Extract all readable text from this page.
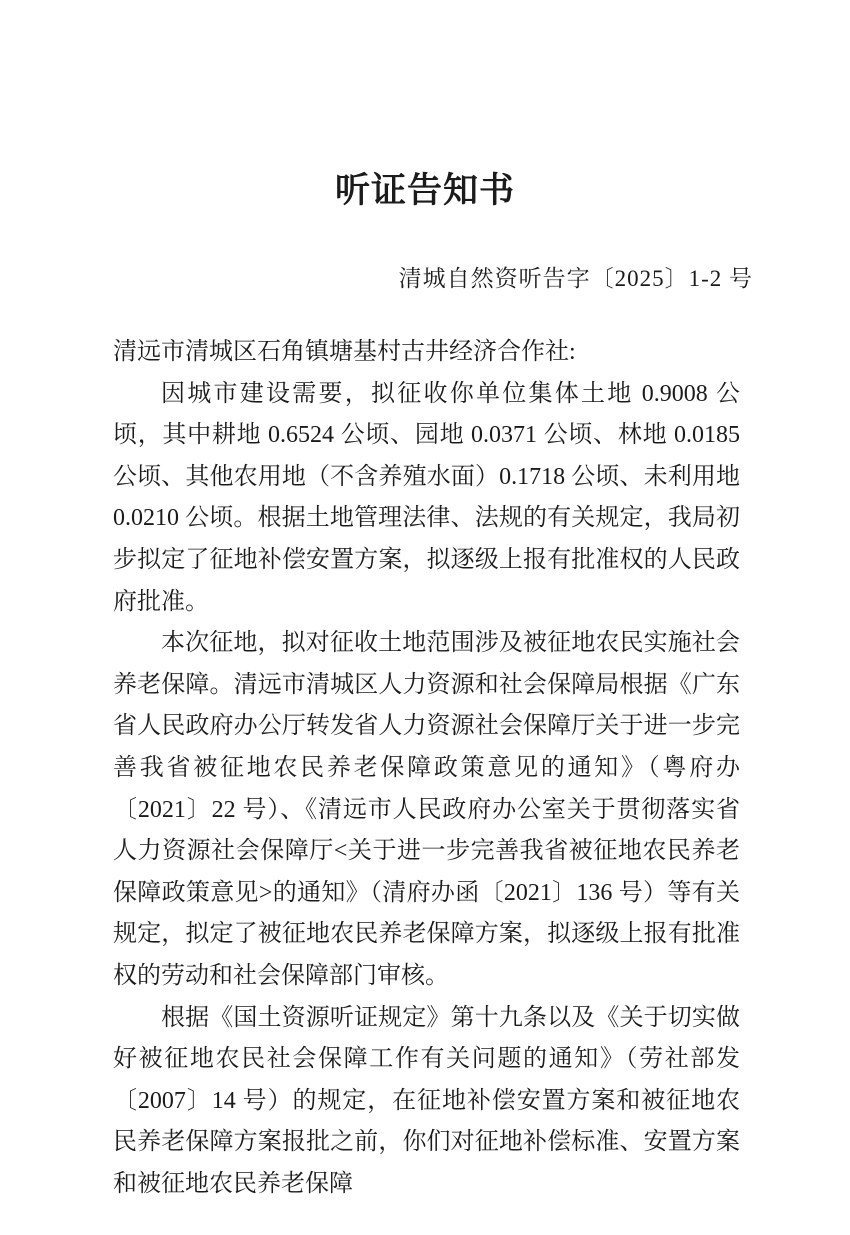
听证告知书
清城自然资听告字〔2025〕1-2 号

清远市清城区石角镇塘基村古井经济合作社:

因城市建设需要，拟征收你单位集体土地 0.9008 公顷，其中耕地 0.6524 公顷、园地 0.0371 公顷、林地 0.0185 公顷、其他农用地（不含养殖水面）0.1718 公顷、未利用地 0.0210 公顷。根据土地管理法律、法规的有关规定，我局初步拟定了征地补偿安置方案，拟逐级上报有批准权的人民政府批准。

本次征地，拟对征收土地范围涉及被征地农民实施社会养老保障。清远市清城区人力资源和社会保障局根据《广东省人民政府办公厅转发省人力资源社会保障厅关于进一步完善我省被征地农民养老保障政策意见的通知》（粤府办〔2021〕22 号）、《清远市人民政府办公室关于贯彻落实省人力资源社会保障厅<关于进一步完善我省被征地农民养老保障政策意见>的通知》（清府办函〔2021〕136 号）等有关规定，拟定了被征地农民养老保障方案，拟逐级上报有批准权的劳动和社会保障部门审核。

根据《国土资源听证规定》第十九条以及《关于切实做好被征地农民社会保障工作有关问题的通知》（劳社部发〔2007〕14 号）的规定，在征地补偿安置方案和被征地农民养老保障方案报批之前，你们对征地补偿标准、安置方案和被征地农民养老保障
